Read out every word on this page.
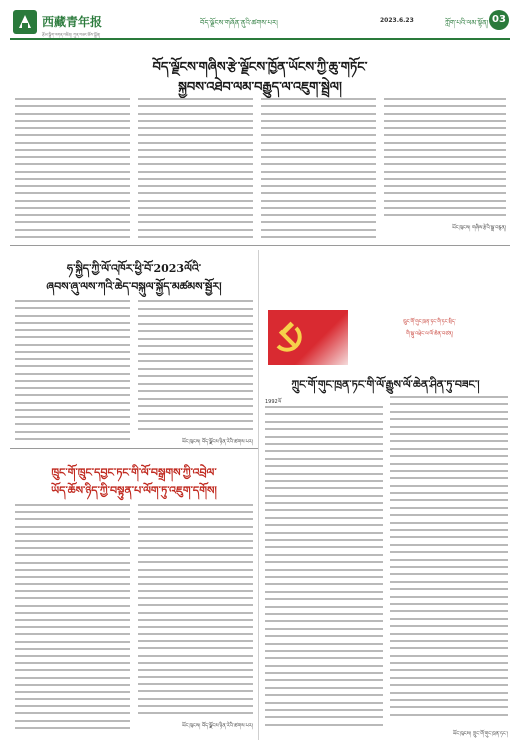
西藏青年报
རྩོམ་སྒྲིག་འགན་འཛིན། ཀུན་བཟང་ཆོས་སྒྲོན།
བོད་ལྗོངས་གཞོན་ནུའི་ཚགས་པར།	2023.6.23	ཀློག་པའི་ལམ་སྟོན། 03
བོད་ལྗོངས་གཞིས་རྩེ་ལྗོངས་ཁྱོན་ཡོངས་ཀྱི་ཆུ་གཏོང་
སྐྱབས་འཐེབ་ལམ་བརྒྱུད་ལ་འཇུག་སྦྲེལ།
ཡོང་ཁུངས། གཞིས་རྩེའི་སྒྲ་བརྙན།
ཧ་སྐྱིད་ཀྱི་ལོ་འཁོར་ཕྱི་བོ་2023ལོའི་
ཞབས་ཞུ་ལས་ཀའི་ཆེད་བསྐུལ་སྐྱོད་མཚམས་སྦྱོར།
ཡོང་ཁུངས། བོད་ལྗོངས་ཉིན་རེའི་ཚགས་པར།
ཁྲུང་གོ་ཁྲུང་དབྱང་ཏང་གི་ལོ་བསྒྲགས་ཀྱི་འབྲེལ་
ཡོད་ཆོས་ཉིད་ཀྱི་བསྟུན་པ་ལོག་ཏུ་འཇུག་དགོས།
ཡོང་ཁུངས། བོད་ལྗོངས་ཉིན་རེའི་ཚགས་པར།
ཁྲུང་གོ་གུང་ཁྲན་ཏང་གི་ཏང་སྲིད་
གི་སྐུ་འཕྲེང་ལ་ལོ་ཆེན་བཙན།
ཀྲུང་གོ་གུང་ཁྲན་ཏང་གི་ལོ་རྒྱུས་ལོ་ཆེན་ཤིན་ཏུ་བཟང་།
1992ལོ
ཡོང་ཁུངས། ཀྲུང་གོ་གུང་ཁྲན་ཏང་།
